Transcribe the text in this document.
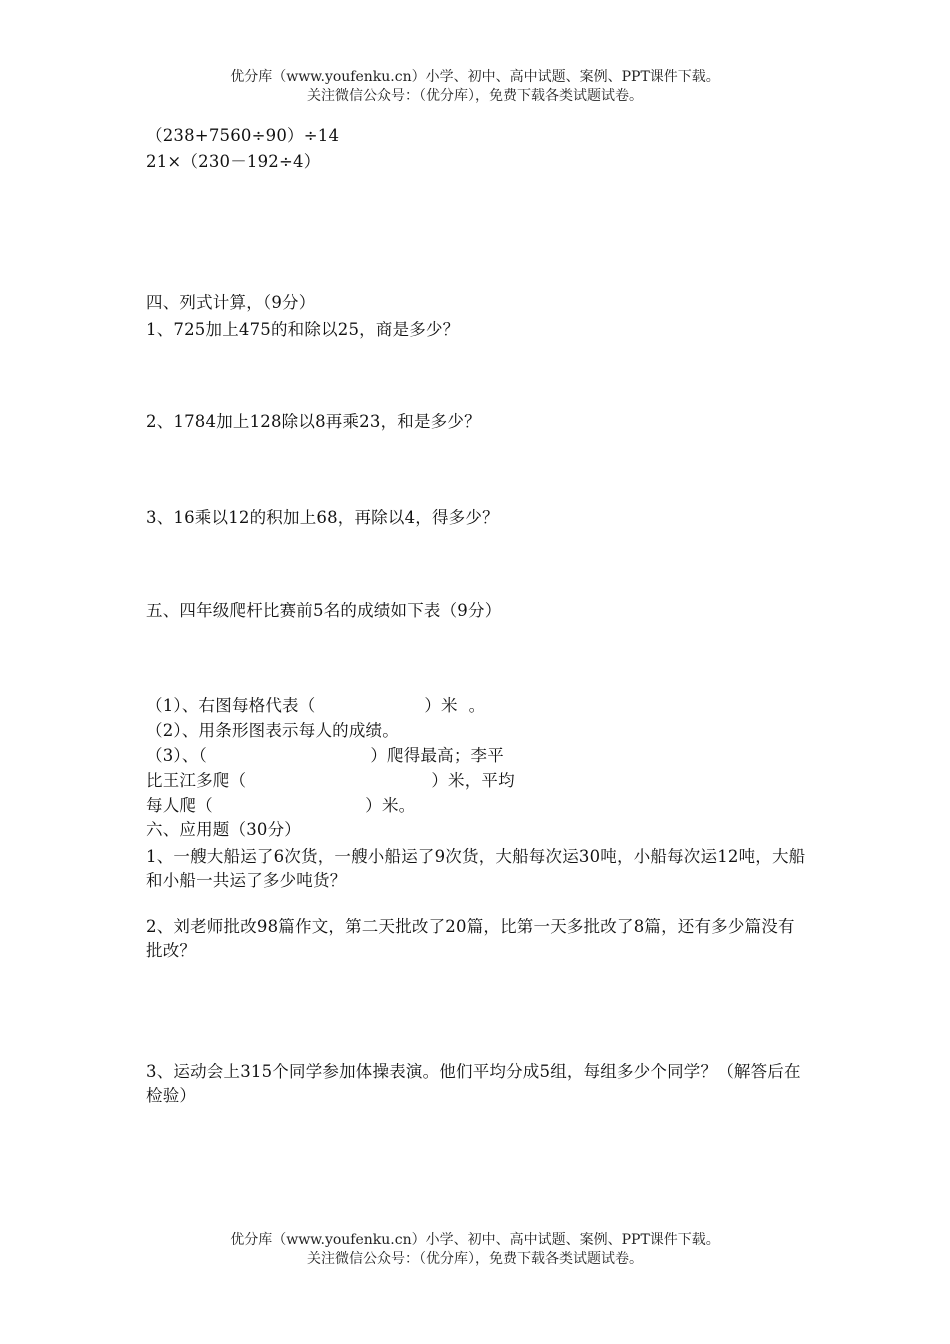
优分库（www.youfenku.cn）小学、初中、高中试题、案例、PPT课件下载。
关注微信公众号：（优分库），免费下载各类试题试卷。
（238+7560÷90）÷14
21×（230－192÷4）
四、列式计算，（9分）
1、725加上475的和除以25，商是多少？
2、1784加上128除以8再乘23，和是多少？
3、16乘以12的积加上68，再除以4，得多少？
五、四年级爬杆比赛前5名的成绩如下表（9分）
（1）、右图每格代表（                    ）米  。
（2）、用条形图表示每人的成绩。
（3）、（                              ）爬得最高；李平
比王江多爬（                                  ）米，平均
每人爬（                            ）米。
六、应用题（30分）
1、一艘大船运了6次货，一艘小船运了9次货，大船每次运30吨，小船每次运12吨，大船和小船一共运了多少吨货？
2、刘老师批改98篇作文，第二天批改了20篇，比第一天多批改了8篇，还有多少篇没有批改？
3、运动会上315个同学参加体操表演。他们平均分成5组，每组多少个同学？（解答后在检验）
优分库（www.youfenku.cn）小学、初中、高中试题、案例、PPT课件下载。
关注微信公众号：（优分库），免费下载各类试题试卷。
